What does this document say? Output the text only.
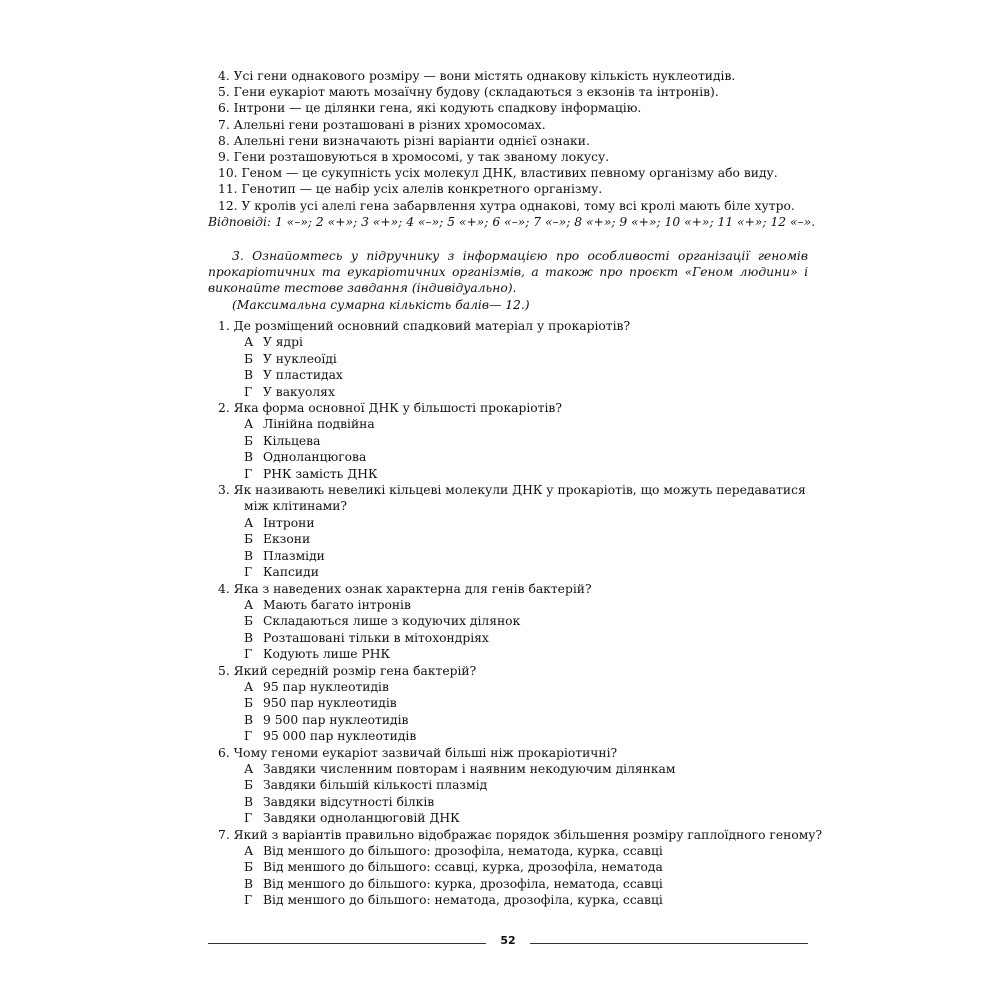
4. Усі гени однакового розміру — вони містять однакову кількість нуклеотидів.
5. Гени еукаріот мають мозаїчну будову (складаються з екзонів та інтронів).
6. Інтрони — це ділянки гена, які кодують спадкову інформацію.
7. Алельні гени розташовані в різних хромосомах.
8. Алельні гени визначають різні варіанти однієї ознаки.
9. Гени розташовуються в хромосомі, у так званому локусу.
10. Геном — це сукупність усіх молекул ДНК, властивих певному організму або виду.
11. Генотип — це набір усіх алелів конкретного організму.
12. У кролів усі алелі гена забарвлення хутра однакові, тому всі кролі мають біле хутро.
Відповіді: 1 «–»; 2 «+»; 3 «+»; 4 «–»; 5 «+»; 6 «–»; 7 «–»; 8 «+»; 9 «+»; 10 «+»; 11 «+»; 12 «–».
3. Ознайомтесь у підручнику з інформацією про особливості організації геномів прокаріотичних та еукаріотичних організмів, а також про проєкт «Геном людини» і виконайте тестове завдання (індивідуально).
(Максимальна сумарна кількість балів— 12.)
1. Де розміщений основний спадковий матеріал у прокаріотів?
А У ядрі
Б У нуклеоїді
В У пластидах
Г У вакуолях
2. Яка форма основної ДНК у більшості прокаріотів?
А Лінійна подвійна
Б Кільцева
В Одноланцюгова
Г РНК замість ДНК
3. Як називають невеликі кільцеві молекули ДНК у прокаріотів, що можуть передаватися
між клітинами?
А Інтрони
Б Екзони
В Плазміди
Г Капсиди
4. Яка з наведених ознак характерна для генів бактерій?
А Мають багато інтронів
Б Складаються лише з кодуючих ділянок
В Розташовані тільки в мітохондріях
Г Кодують лише РНК
5. Який середній розмір гена бактерій?
А 95 пар нуклеотидів
Б 950 пар нуклеотидів
В 9 500 пар нуклеотидів
Г 95 000 пар нуклеотидів
6. Чому геноми еукаріот зазвичай більші ніж прокаріотичні?
А Завдяки численним повторам і наявним некодуючим ділянкам
Б Завдяки більшій кількості плазмід
В Завдяки відсутності білків
Г Завдяки одноланцюговій ДНК
7. Який з варіантів правильно відображає порядок збільшення розміру гаплоїдного геному?
А Від меншого до більшого: дрозофіла, нематода, курка, ссавці
Б Від меншого до більшого: ссавці, курка, дрозофіла, нематода
В Від меншого до більшого: курка, дрозофіла, нематода, ссавці
Г Від меншого до більшого: нематода, дрозофіла, курка, ссавці
52
